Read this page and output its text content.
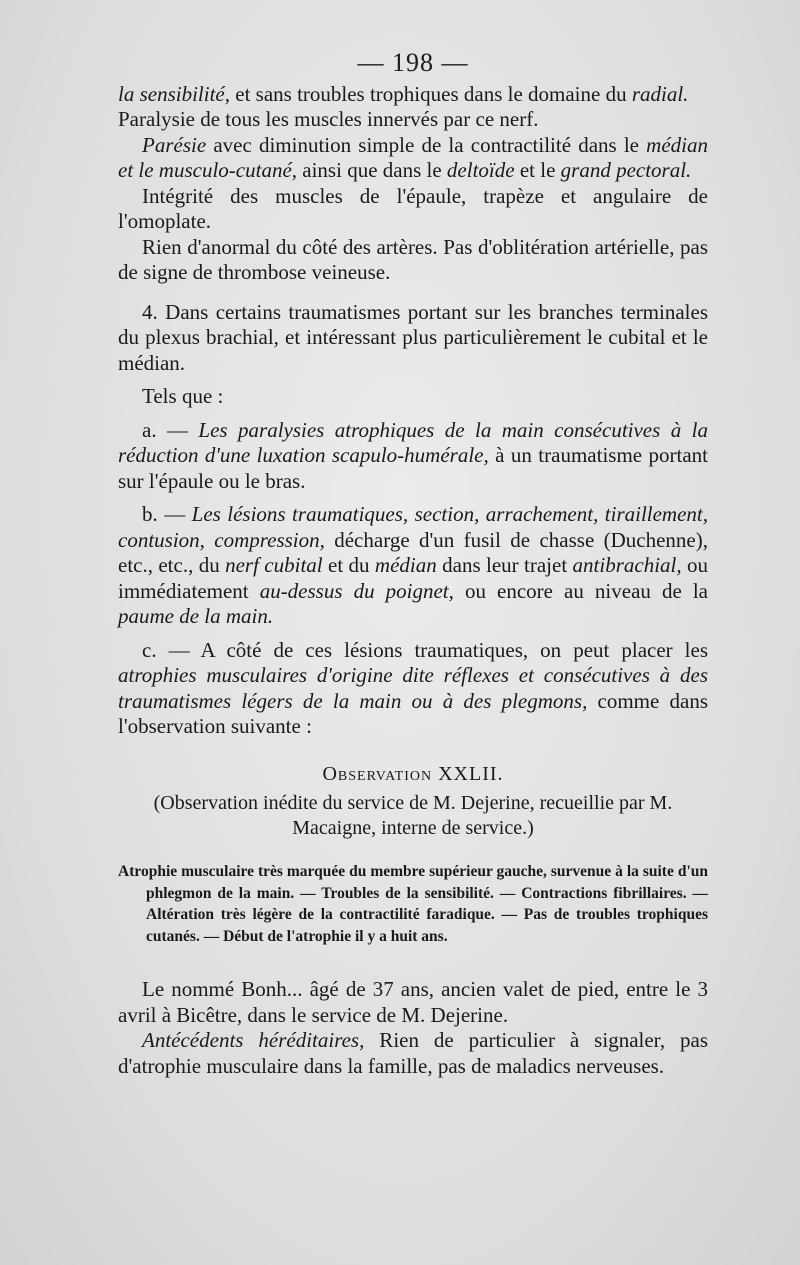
— 198 —

la sensibilité, et sans troubles trophiques dans le domaine du radial.

Paralysie de tous les muscles innervés par ce nerf.

Parésie avec diminution simple de la contractilité dans le médian et le musculo-cutané, ainsi que dans le deltoïde et le grand pectoral.

Intégrité des muscles de l'épaule, trapèze et angulaire de l'omoplate.

Rien d'anormal du côté des artères. Pas d'oblitération artérielle, pas de signe de thrombose veineuse.

4. Dans certains traumatismes portant sur les branches terminales du plexus brachial, et intéressant plus particulièrement le cubital et le médian.

Tels que :

a. — Les paralysies atrophiques de la main consécutives à la réduction d'une luxation scapulo-humérale, à un traumatisme portant sur l'épaule ou le bras.

b. — Les lésions traumatiques, section, arrachement, tiraillement, contusion, compression, décharge d'un fusil de chasse (Duchenne), etc., etc., du nerf cubital et du médian dans leur trajet antibrachial, ou immédiatement au-dessus du poignet, ou encore au niveau de la paume de la main.

c. — A côté de ces lésions traumatiques, on peut placer les atrophies musculaires d'origine dite réflexes et consécutives à des traumatismes légers de la main ou à des plegmons, comme dans l'observation suivante :

Observation XXLII.
(Observation inédite du service de M. Dejerine, recueillie par M. Macaigne, interne de service.)
Atrophie musculaire très marquée du membre supérieur gauche, survenue à la suite d'un phlegmon de la main. — Troubles de la sensibilité. — Contractions fibrillaires. — Altération très légère de la contractilité faradique. — Pas de troubles trophiques cutanés. — Début de l'atrophie il y a huit ans.

Le nommé Bonh... âgé de 37 ans, ancien valet de pied, entre le 3 avril à Bicêtre, dans le service de M. Dejerine.

Antécédents héréditaires, Rien de particulier à signaler, pas d'atrophie musculaire dans la famille, pas de maladics nerveuses.
